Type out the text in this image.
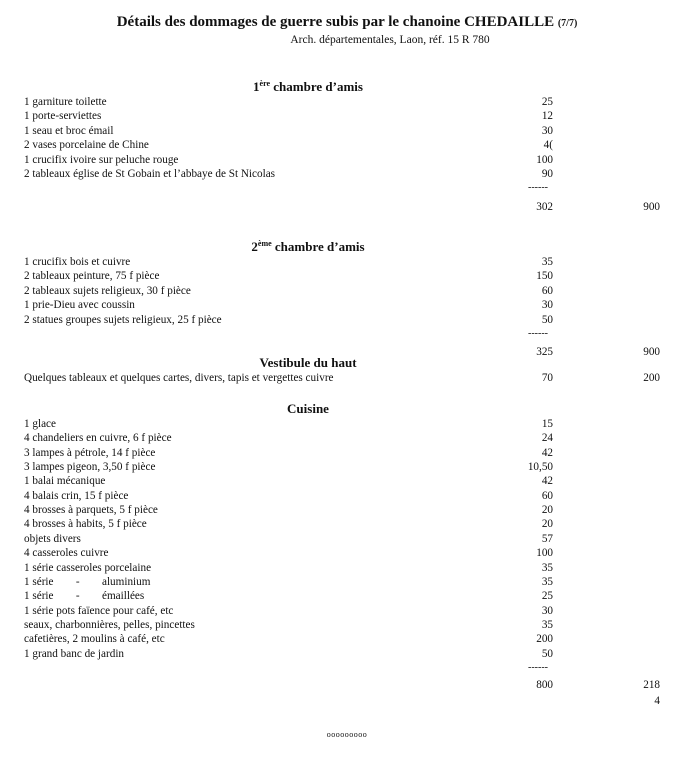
Détails des dommages de guerre subis par le chanoine CHEDAILLE (7/7)
Arch. départementales, Laon, réf. 15 R 780
1ère chambre d’amis
1 garniture toilette	25
1 porte-serviettes	12
1 seau et broc émail	30
2 vases porcelaine de Chine	4(
1 crucifix ivoire sur peluche rouge	100
2 tableaux église de St Gobain et l’abbaye de St Nicolas	90
------
302	900
2ème chambre d’amis
1 crucifix bois et cuivre	35
2 tableaux peinture, 75 f pièce	150
2 tableaux sujets religieux, 30 f pièce	60
1 prie-Dieu avec coussin	30
2 statues groupes sujets religieux, 25 f pièce	50
------
325	900
Vestibule du haut
Quelques tableaux et quelques cartes, divers, tapis et vergettes cuivre	70	200
Cuisine
1 glace	15
4 chandeliers en cuivre, 6 f pièce	24
3 lampes à pétrole, 14 f pièce	42
3 lampes pigeon, 3,50 f pièce	10,50
1 balai mécanique	42
4 balais crin, 15 f pièce	60
4 brosses à parquets, 5 f pièce	20
4 brosses à habits, 5 f pièce	20
objets divers	57
4 casseroles cuivre	100
1 série casseroles porcelaine	35
1 série        -        aluminium	35
1 série        -        émaillées	25
1 série pots faïence pour café, etc	30
seaux, charbonnières, pelles, pincettes	35
cafetières, 2 moulins à café, etc	200
1 grand banc de jardin	50
------
800	218
4
ooooooooo
